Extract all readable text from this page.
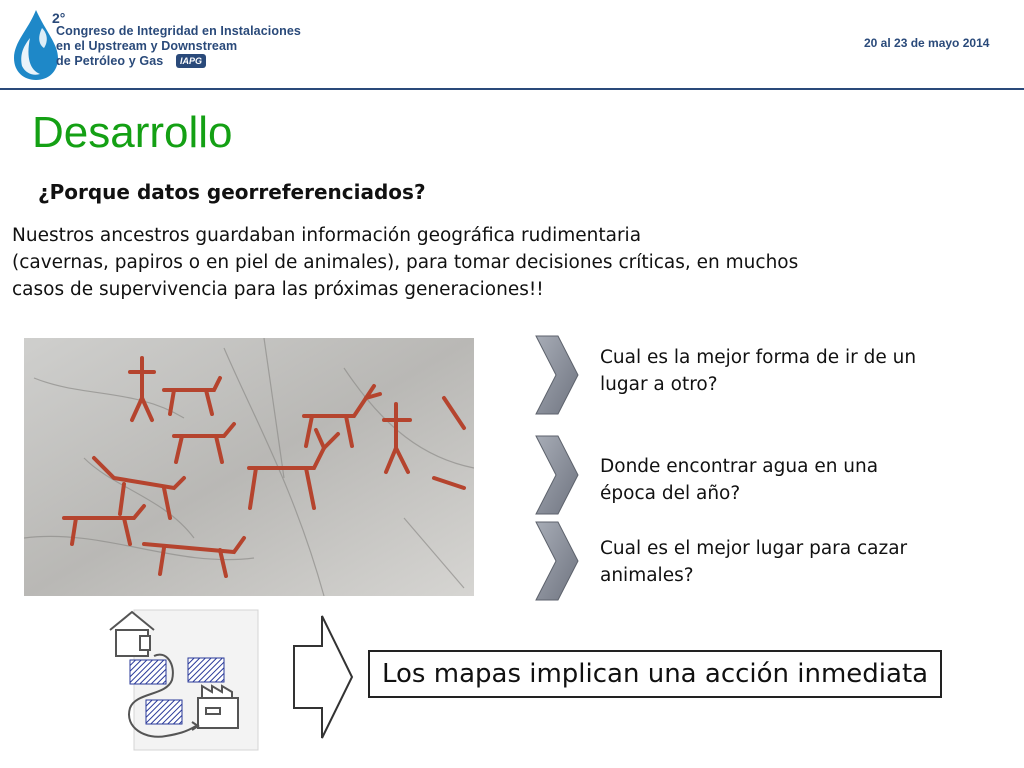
2°
Congreso de Integridad en Instalaciones
en el Upstream y Downstream
de Petróleo y Gas	IAPG
20 al 23 de mayo 2014
Desarrollo
¿Porque datos georreferenciados?
Nuestros ancestros guardaban información geográfica rudimentaria
(cavernas, papiros o en piel de animales), para tomar decisiones críticas, en muchos
casos de supervivencia para las próximas generaciones!!
Cual es la mejor forma de ir de un
lugar a otro?
Donde encontrar agua en una
época del año?
Cual es el mejor lugar para cazar
animales?
Los mapas implican una acción inmediata
